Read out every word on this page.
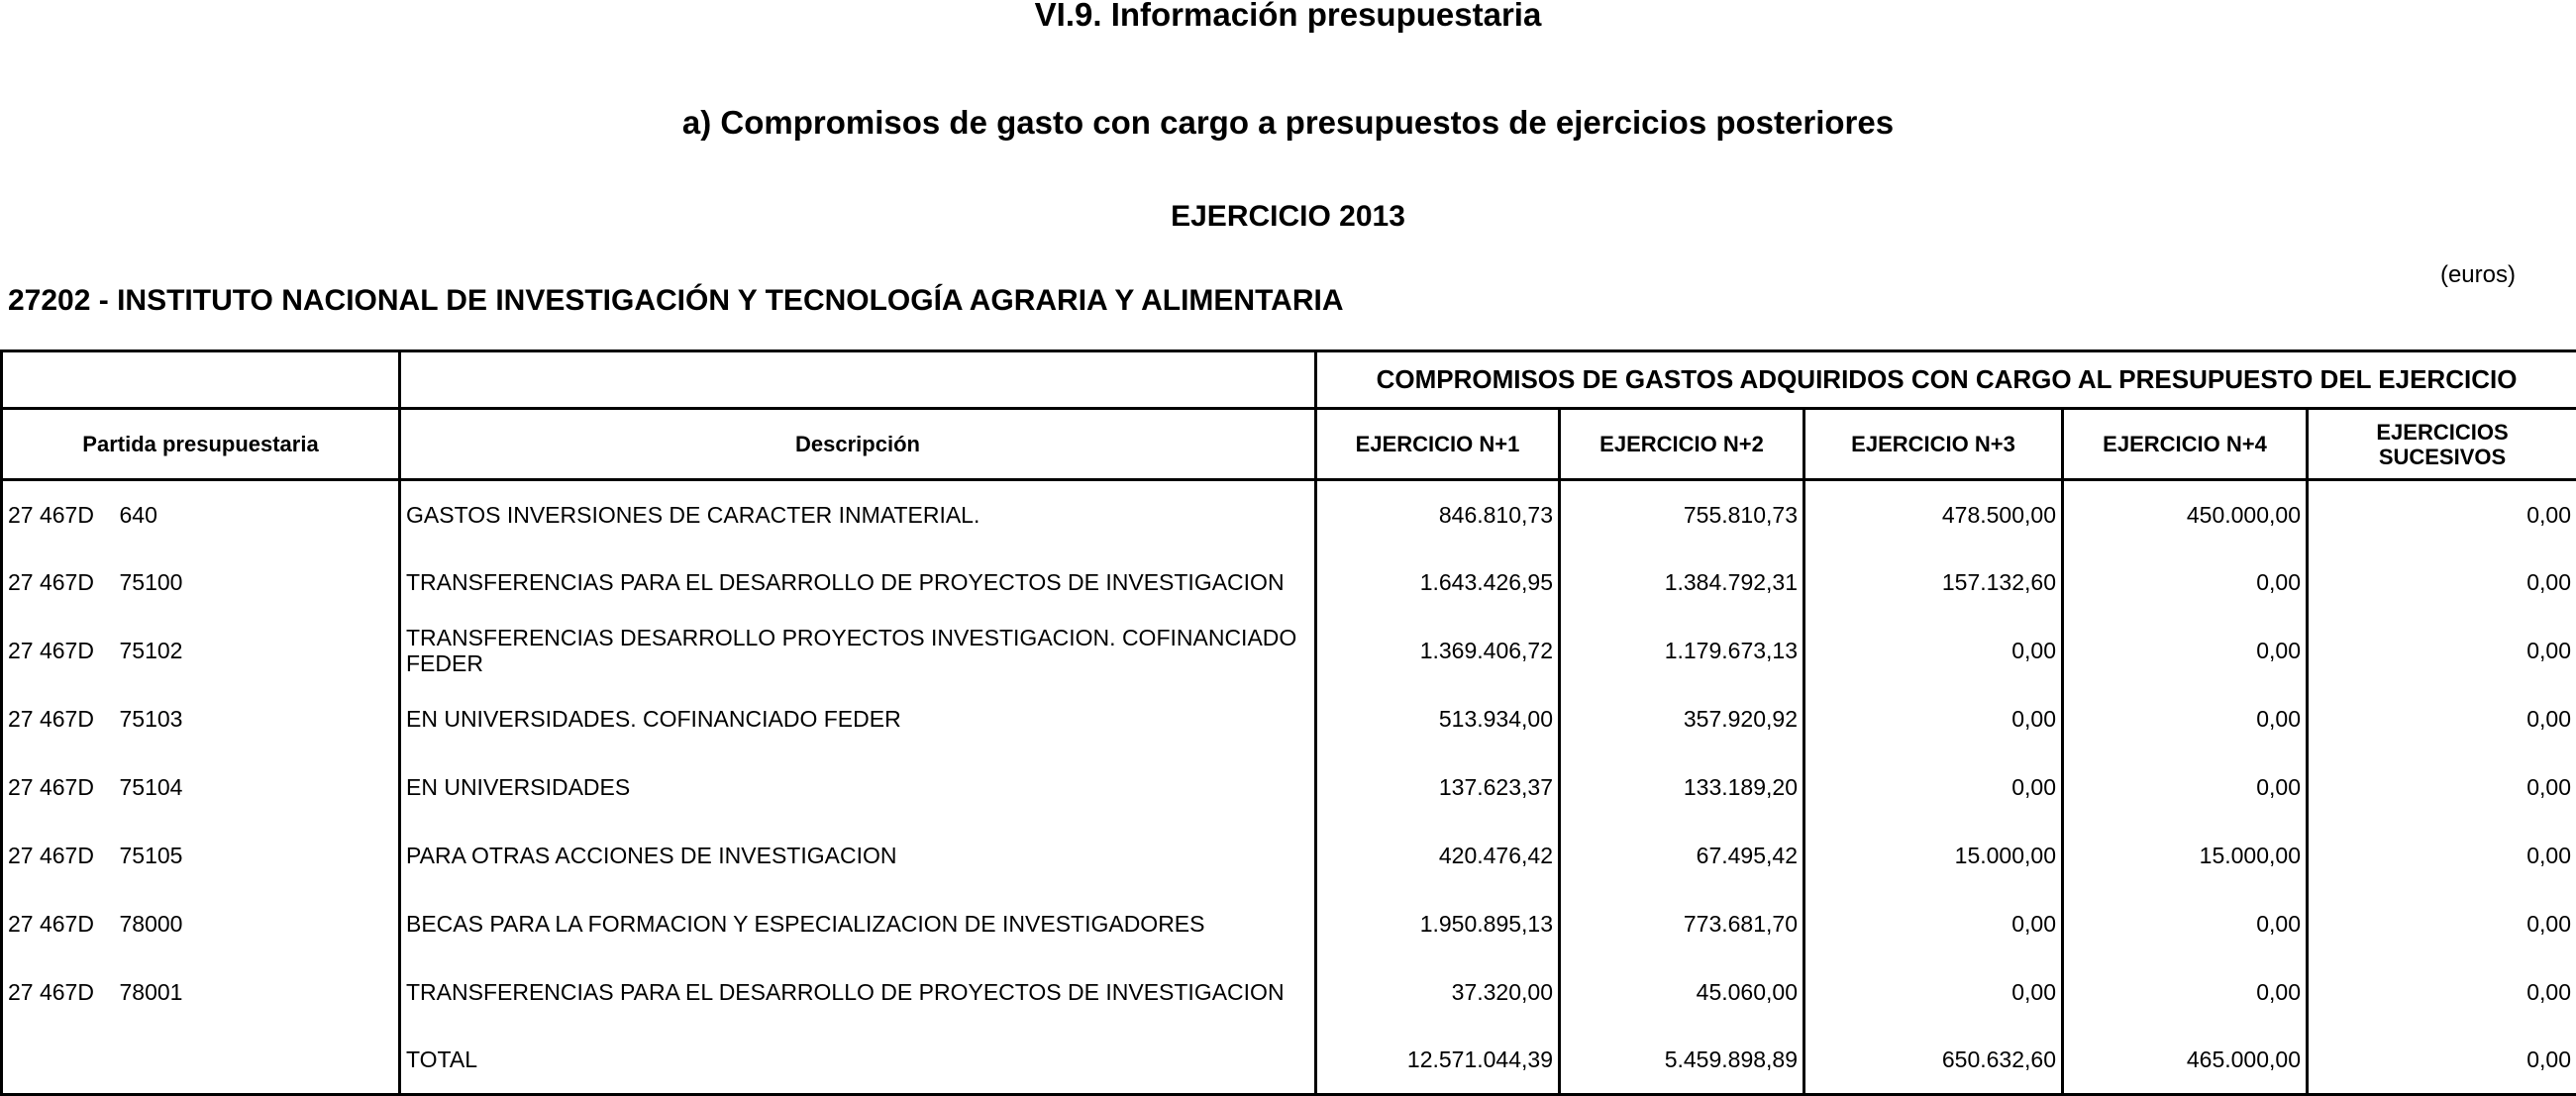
VI.9. Información presupuestaria
a) Compromisos de gasto con cargo a presupuestos de ejercicios posteriores
EJERCICIO 2013
(euros)
27202 - INSTITUTO NACIONAL DE INVESTIGACIÓN Y TECNOLOGÍA AGRARIA Y ALIMENTARIA
		COMPROMISOS DE GASTOS ADQUIRIDOS CON CARGO AL PRESUPUESTO DEL EJERCICIO				
Partida presupuestaria	Descripción	EJERCICIO N+1	EJERCICIO N+2	EJERCICIO N+3	EJERCICIO N+4	EJERCICIOS SUCESIVOS
27 467D    640	GASTOS INVERSIONES DE CARACTER INMATERIAL.	846.810,73	755.810,73	478.500,00	450.000,00	0,00
27 467D    75100	TRANSFERENCIAS PARA EL DESARROLLO DE PROYECTOS DE INVESTIGACION	1.643.426,95	1.384.792,31	157.132,60	0,00	0,00
27 467D    75102	TRANSFERENCIAS DESARROLLO PROYECTOS INVESTIGACION. COFINANCIADO FEDER	1.369.406,72	1.179.673,13	0,00	0,00	0,00
27 467D    75103	EN UNIVERSIDADES. COFINANCIADO FEDER	513.934,00	357.920,92	0,00	0,00	0,00
27 467D    75104	EN UNIVERSIDADES	137.623,37	133.189,20	0,00	0,00	0,00
27 467D    75105	PARA OTRAS ACCIONES DE INVESTIGACION	420.476,42	67.495,42	15.000,00	15.000,00	0,00
27 467D    78000	BECAS PARA LA FORMACION Y ESPECIALIZACION DE INVESTIGADORES	1.950.895,13	773.681,70	0,00	0,00	0,00
27 467D    78001	TRANSFERENCIAS PARA EL DESARROLLO DE PROYECTOS DE INVESTIGACION	37.320,00	45.060,00	0,00	0,00	0,00
	TOTAL	12.571.044,39	5.459.898,89	650.632,60	465.000,00	0,00
